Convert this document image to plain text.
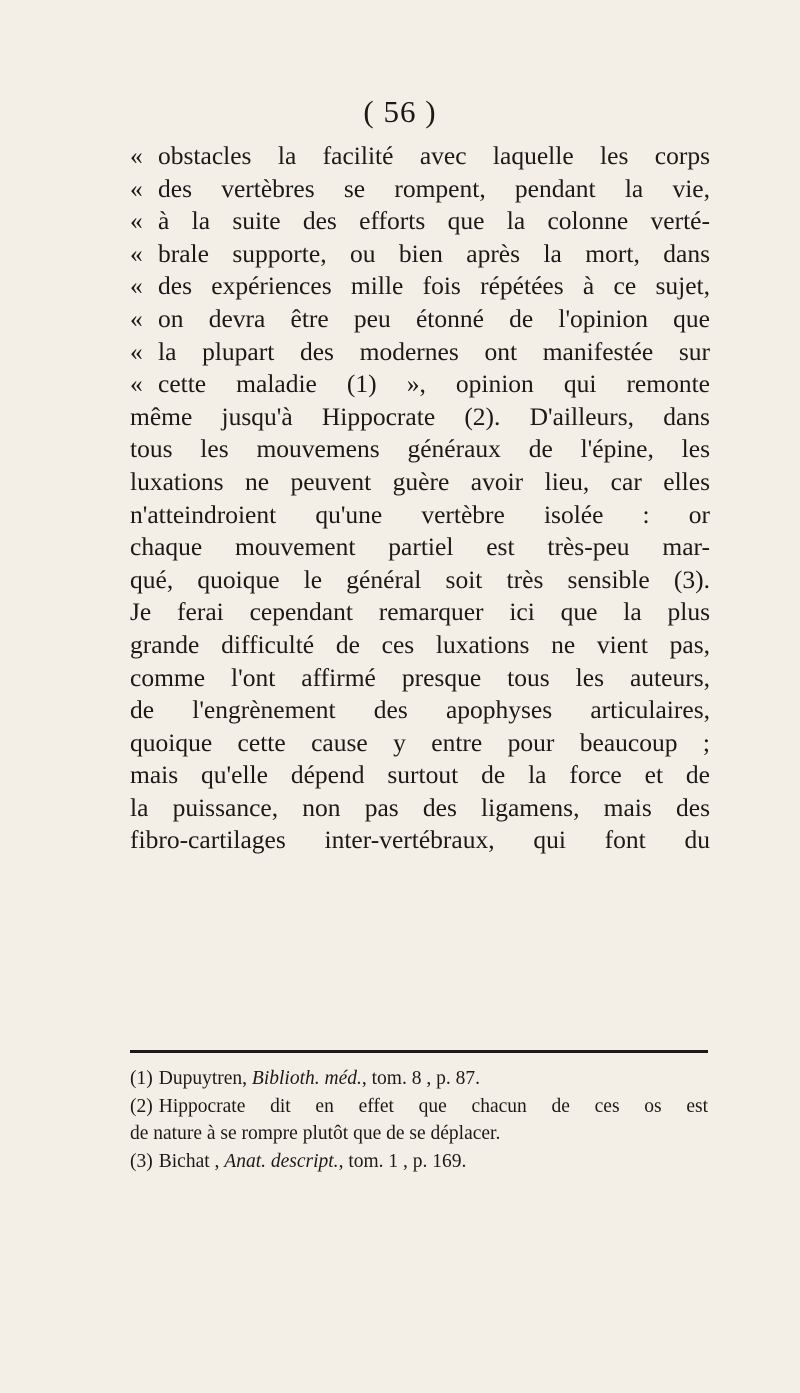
( 56 )
« obstacles la facilité avec laquelle les corps
« des vertèbres se rompent, pendant la vie,
« à la suite des efforts que la colonne verté-
« brale supporte, ou bien après la mort, dans
« des expériences mille fois répétées à ce sujet,
« on devra être peu étonné de l'opinion que
« la plupart des modernes ont manifestée sur
« cette maladie (1) », opinion qui remonte
même jusqu'à Hippocrate (2). D'ailleurs, dans
tous les mouvemens généraux de l'épine, les
luxations ne peuvent guère avoir lieu, car elles
n'atteindroient qu'une vertèbre isolée : or
chaque mouvement partiel est très-peu mar-
qué, quoique le général soit très sensible (3).
Je ferai cependant remarquer ici que la plus
grande difficulté de ces luxations ne vient pas,
comme l'ont affirmé presque tous les auteurs,
de l'engrènement des apophyses articulaires,
quoique cette cause y entre pour beaucoup ;
mais qu'elle dépend surtout de la force et de
la puissance, non pas des ligamens, mais des
fibro-cartilages inter-vertébraux, qui font du
(1) Dupuytren, Biblioth. méd., tom. 8 , p. 87.
(2) Hippocrate dit en effet que chacun de ces os est
de nature à se rompre plutôt que de se déplacer.
(3) Bichat , Anat. descript., tom. 1 , p. 169.
